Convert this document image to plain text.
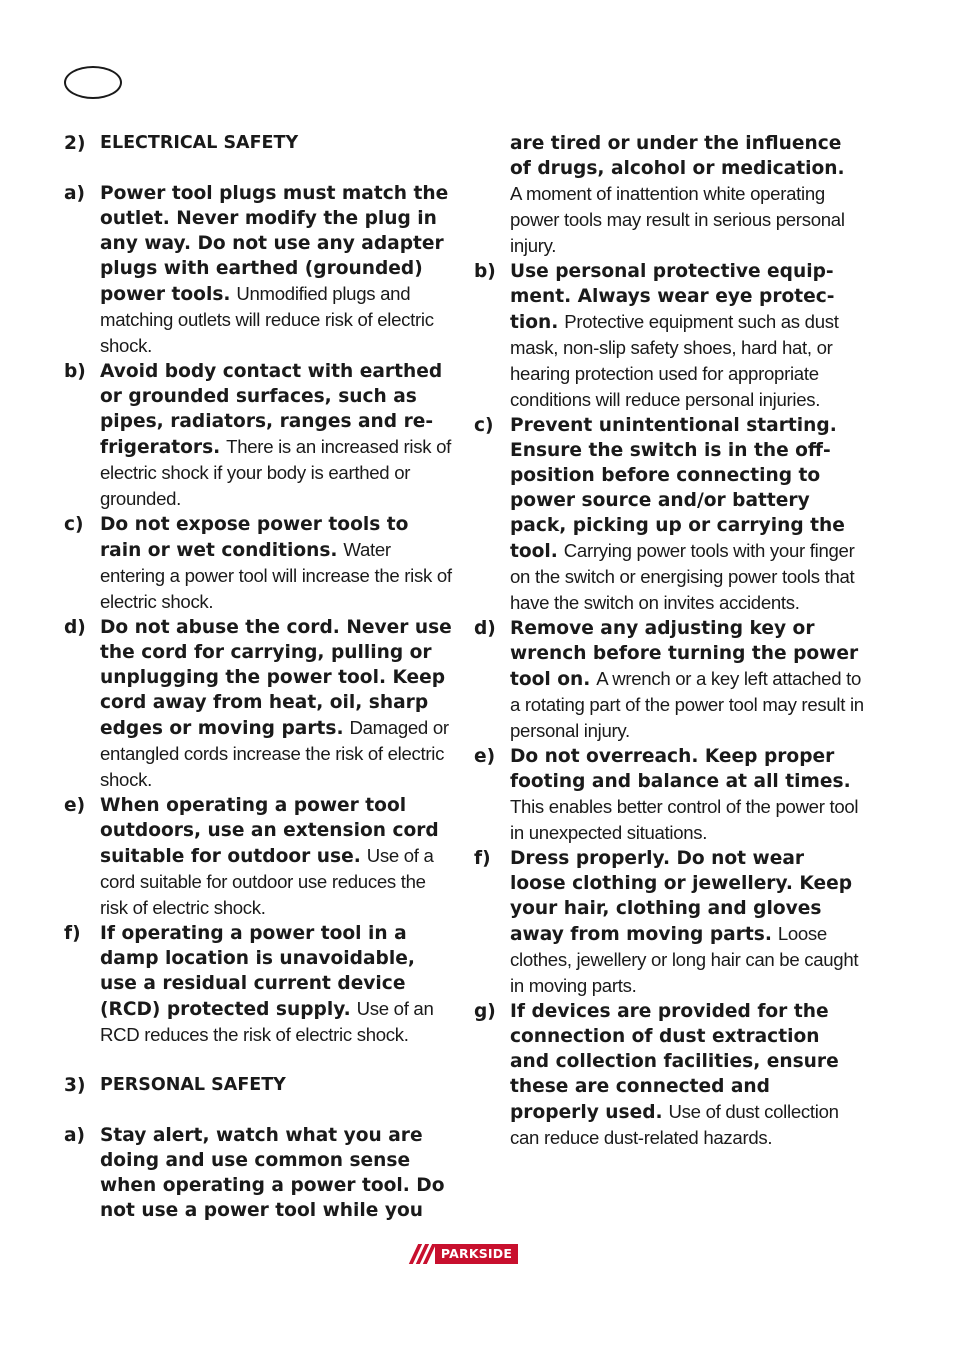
2) ELECTRICAL SAFETY
a) Power tool plugs must match the outlet. Never modify the plug in any way. Do not use any adapter plugs with earthed (grounded) power tools. Unmodified plugs and matching outlets will reduce risk of electric shock.
b) Avoid body contact with earthed or grounded surfaces, such as pipes, radiators, ranges and refrigerators. There is an increased risk of electric shock if your body is earthed or grounded.
c) Do not expose power tools to rain or wet conditions. Water entering a power tool will increase the risk of electric shock.
d) Do not abuse the cord. Never use the cord for carrying, pulling or unplugging the power tool. Keep cord away from heat, oil, sharp edges or moving parts. Damaged or entangled cords increase the risk of electric shock.
e) When operating a power tool outdoors, use an extension cord suitable for outdoor use. Use of a cord suitable for outdoor use reduces the risk of electric shock.
f)	If operating a power tool in a damp location is unavoidable, use a residual current device (RCD) protected supply. Use of an RCD reduces the risk of electric shock.
3) PERSONAL SAFETY
a) Stay alert, watch what you are doing and use common sense when operating a power tool. Do not use a power tool while you
are tired or under the influence of drugs, alcohol or medication.
A moment of inattention white operating power tools may result in serious personal injury.
b) Use personal protective equipment. Always wear eye protection. Protective equipment such as dust mask, non-slip safety shoes, hard hat, or hearing protection used for appropriate conditions will reduce personal injuries.
c) Prevent unintentional starting. Ensure the switch is in the off-position before connecting to power source and/or battery pack, picking up or carrying the tool. Carrying power tools with your finger on the switch or energising power tools that have the switch on invites accidents.
d) Remove any adjusting key or wrench before turning the power tool on. A wrench or a key left attached to a rotating part of the power tool may result in personal injury.
e) Do not overreach. Keep proper footing and balance at all times. This enables better control of the power tool in unexpected situations.
f)	Dress properly. Do not wear loose clothing or jewellery. Keep your hair, clothing and gloves away from moving parts. Loose clothes, jewellery or long hair can be caught in moving parts.
g) If devices are provided for the connection of dust extraction and collection facilities, ensure these are connected and properly used. Use of dust collection can reduce dust-related hazards.
PARKSIDE
